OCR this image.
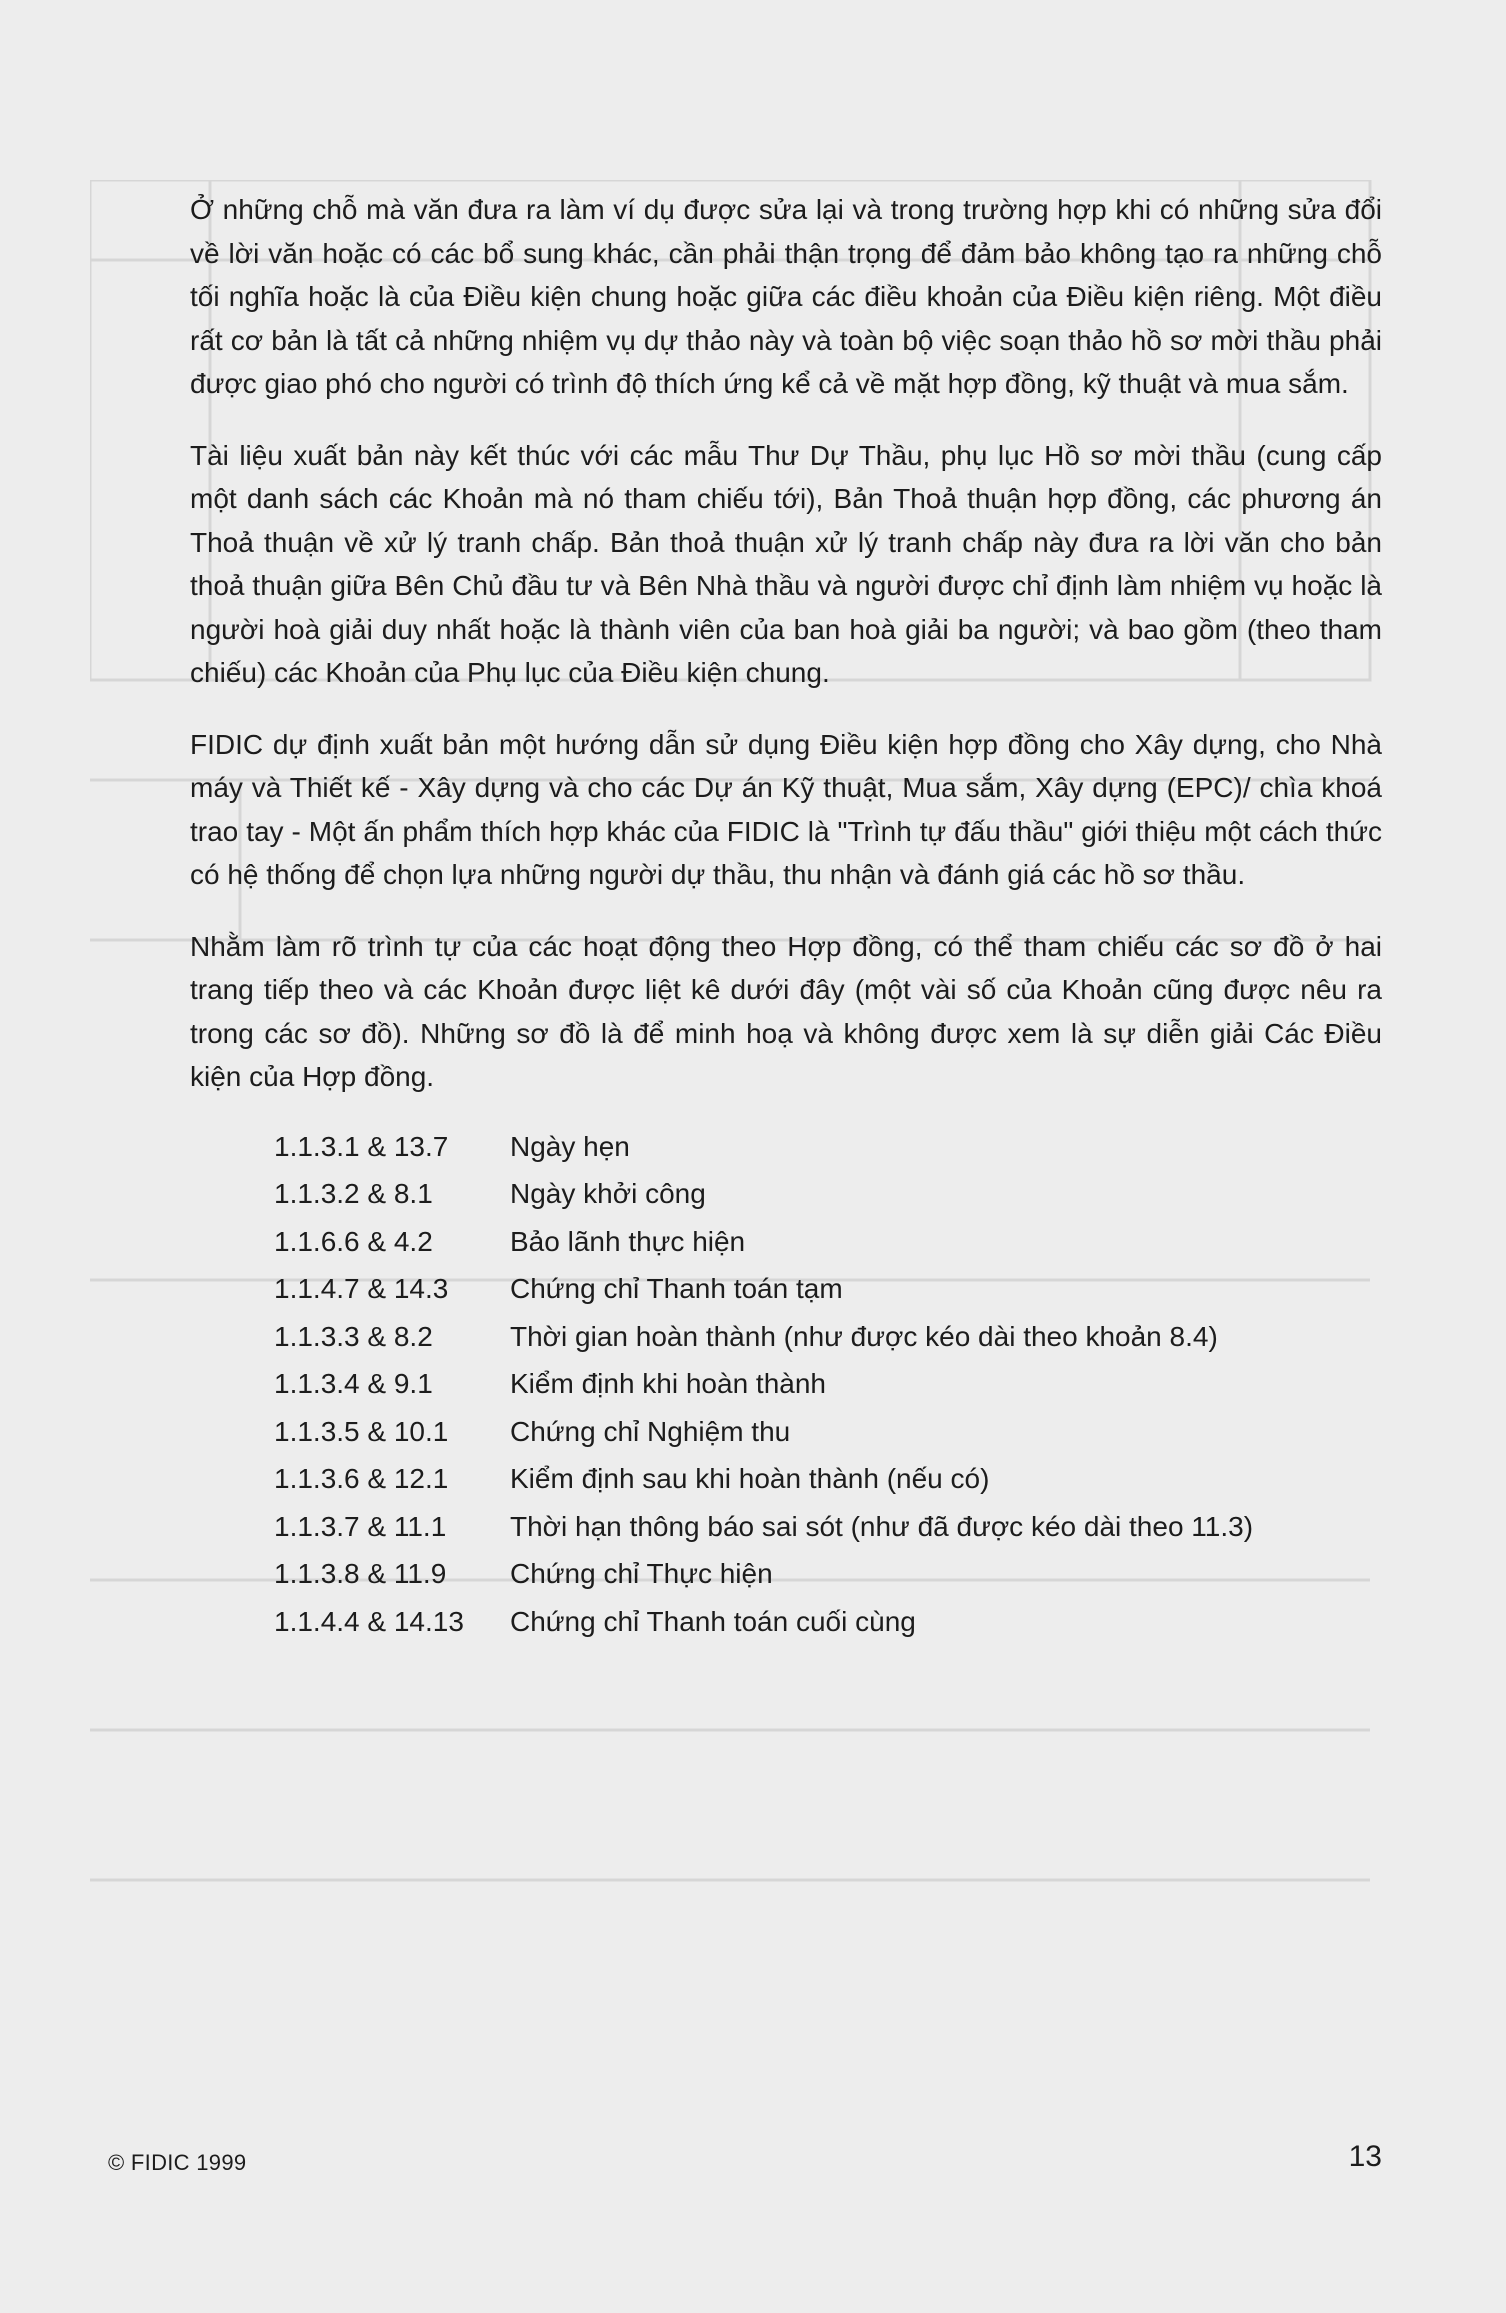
Ở những chỗ mà văn đưa ra làm ví dụ được sửa lại và trong trường hợp khi có những sửa đổi về lời văn hoặc có các bổ sung khác, cần phải thận trọng để đảm bảo không tạo ra những chỗ tối nghĩa hoặc là của Điều kiện chung hoặc giữa các điều khoản của Điều kiện riêng. Một điều rất cơ bản là tất cả những nhiệm vụ dự thảo này và toàn bộ việc soạn thảo hồ sơ mời thầu phải được giao phó cho người có trình độ thích ứng kể cả về mặt hợp đồng, kỹ thuật và mua sắm.

Tài liệu xuất bản này kết thúc với các mẫu Thư Dự Thầu, phụ lục Hồ sơ mời thầu (cung cấp một danh sách các Khoản mà nó tham chiếu tới), Bản Thoả thuận hợp đồng, các phương án Thoả thuận về xử lý tranh chấp. Bản thoả thuận xử lý tranh chấp này đưa ra lời văn cho bản thoả thuận giữa Bên Chủ đầu tư và Bên Nhà thầu và người được chỉ định làm nhiệm vụ hoặc là người hoà giải duy nhất hoặc là thành viên của ban hoà giải ba người; và bao gồm (theo tham chiếu) các Khoản của Phụ lục của Điều kiện chung.

FIDIC dự định xuất bản một hướng dẫn sử dụng Điều kiện hợp đồng cho Xây dựng, cho Nhà máy và Thiết kế - Xây dựng và cho các Dự án Kỹ thuật, Mua sắm, Xây dựng (EPC)/ chìa khoá trao tay - Một ấn phẩm thích hợp khác của FIDIC là "Trình tự đấu thầu" giới thiệu một cách thức có hệ thống để chọn lựa những người dự thầu, thu nhận và đánh giá các hồ sơ thầu.

Nhằm làm rõ trình tự của các hoạt động theo Hợp đồng, có thể tham chiếu các sơ đồ ở hai trang tiếp theo và các Khoản được liệt kê dưới đây (một vài số của Khoản cũng được nêu ra trong các sơ đồ). Những sơ đồ là để minh hoạ và không được xem là sự diễn giải Các Điều kiện của Hợp đồng.

1.1.3.1 & 13.7	Ngày hẹn
1.1.3.2 & 8.1	Ngày khởi công
1.1.6.6 & 4.2	Bảo lãnh thực hiện
1.1.4.7 & 14.3	Chứng chỉ Thanh toán tạm
1.1.3.3 & 8.2	Thời gian hoàn thành (như được kéo dài theo khoản 8.4)
1.1.3.4 & 9.1	Kiểm định khi hoàn thành
1.1.3.5 & 10.1	Chứng chỉ Nghiệm thu
1.1.3.6 & 12.1	Kiểm định sau khi hoàn thành (nếu có)
1.1.3.7 & 11.1	Thời hạn thông báo sai sót (như đã được kéo dài theo 11.3)
1.1.3.8 & 11.9	Chứng chỉ Thực hiện
1.1.4.4 & 14.13	Chứng chỉ Thanh toán cuối cùng
© FIDIC 1999	13
